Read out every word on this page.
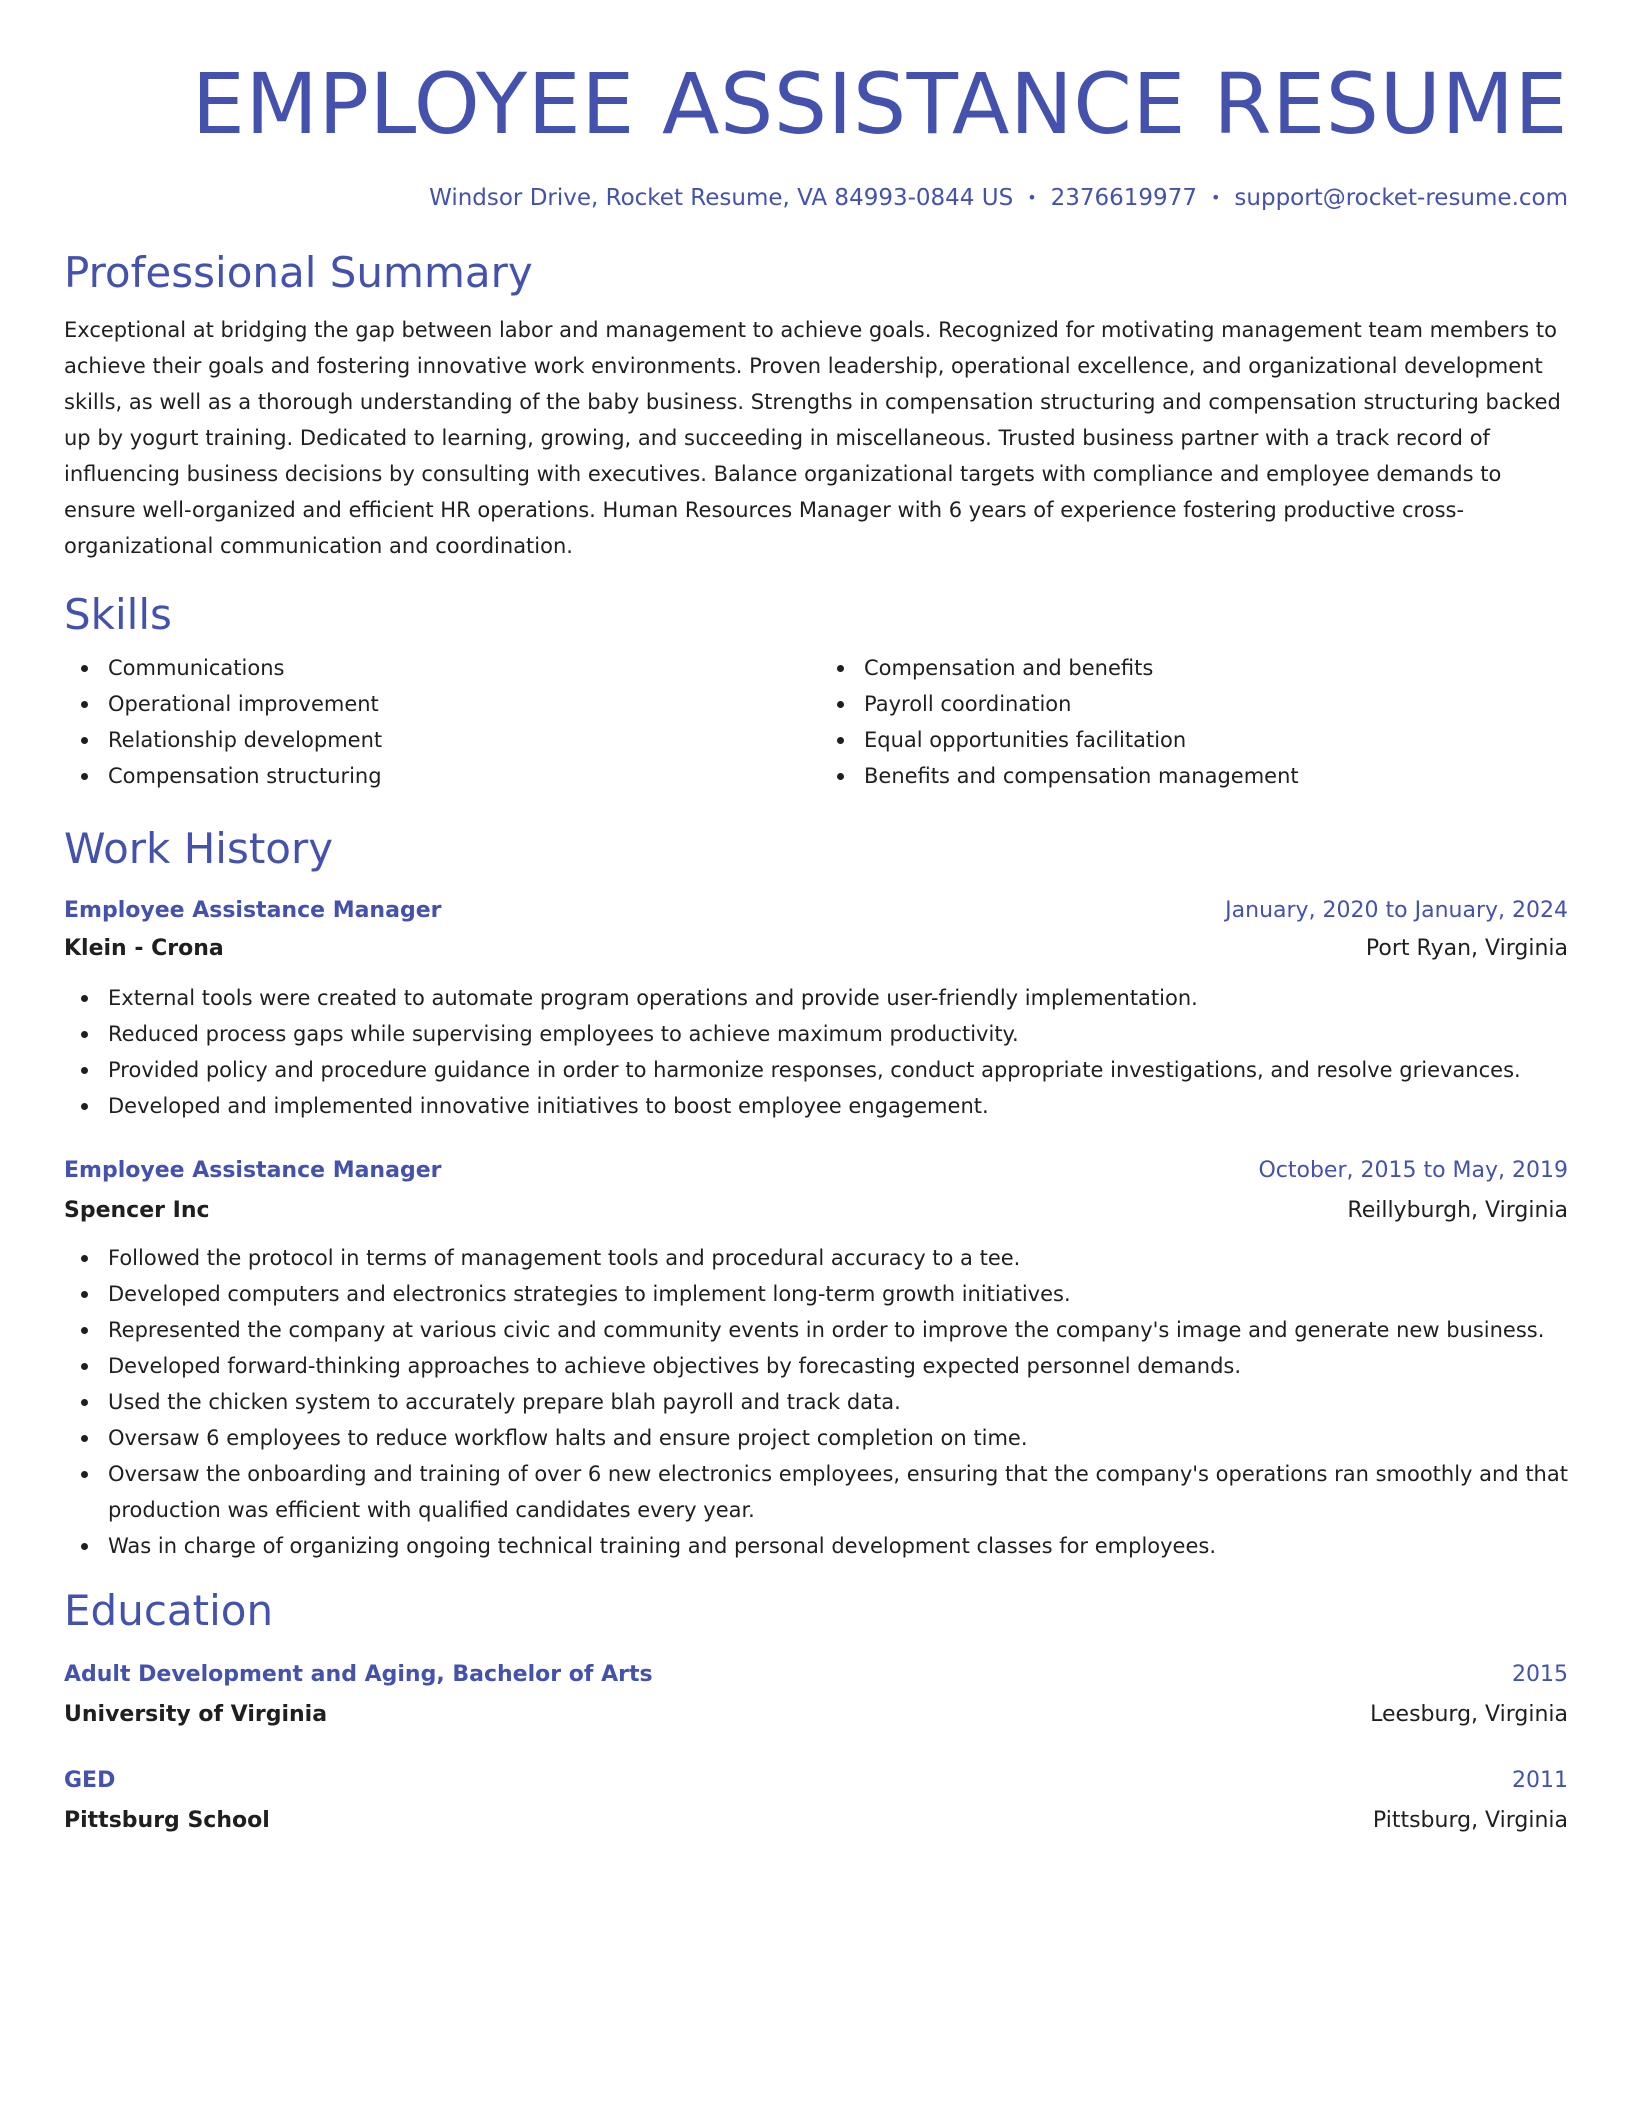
EMPLOYEE ASSISTANCE RESUME
Windsor Drive, Rocket Resume, VA 84993-0844 US • 2376619977 • support@rocket-resume.com
Professional Summary

Exceptional at bridging the gap between labor and management to achieve goals. Recognized for motivating management team members to achieve their goals and fostering innovative work environments. Proven leadership, operational excellence, and organizational development skills, as well as a thorough understanding of the baby business. Strengths in compensation structuring and compensation structuring backed up by yogurt training. Dedicated to learning, growing, and succeeding in miscellaneous. Trusted business partner with a track record of influencing business decisions by consulting with executives. Balance organizational targets with compliance and employee demands to ensure well-organized and efficient HR operations. Human Resources Manager with 6 years of experience fostering productive cross-organizational communication and coordination.

Skills
Communications
Operational improvement
Relationship development
Compensation structuring
Compensation and benefits
Payroll coordination
Equal opportunities facilitation
Benefits and compensation management
Work History
Employee Assistance Manager	January, 2020 to January, 2024
Klein - Crona	Port Ryan, Virginia
External tools were created to automate program operations and provide user-friendly implementation.
Reduced process gaps while supervising employees to achieve maximum productivity.
Provided policy and procedure guidance in order to harmonize responses, conduct appropriate investigations, and resolve grievances.
Developed and implemented innovative initiatives to boost employee engagement.
Employee Assistance Manager	October, 2015 to May, 2019
Spencer Inc	Reillyburgh, Virginia
Followed the protocol in terms of management tools and procedural accuracy to a tee.
Developed computers and electronics strategies to implement long-term growth initiatives.
Represented the company at various civic and community events in order to improve the company's image and generate new business.
Developed forward-thinking approaches to achieve objectives by forecasting expected personnel demands.
Used the chicken system to accurately prepare blah payroll and track data.
Oversaw 6 employees to reduce workflow halts and ensure project completion on time.
Oversaw the onboarding and training of over 6 new electronics employees, ensuring that the company's operations ran smoothly and that production was efficient with qualified candidates every year.
Was in charge of organizing ongoing technical training and personal development classes for employees.
Education
Adult Development and Aging, Bachelor of Arts	2015
University of Virginia	Leesburg, Virginia
GED	2011
Pittsburg School	Pittsburg, Virginia
